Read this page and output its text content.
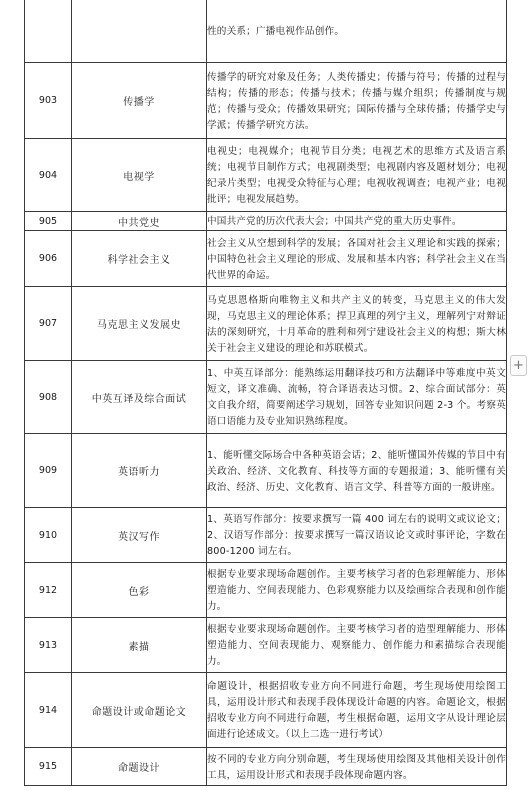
		性的关系；广播电视作品创作。

903	传播学	传播学的研究对象及任务；人类传播史；传播与符号；传播的过程与结构；传播的形态；传播与技术；传播与媒介组织；传播制度与规范；传播与受众；传播效果研究；国际传播与全球传播；传播学史与学派；传播学研究方法。

904	电视学	电视史；电视媒介；电视节目分类；电视艺术的思维方式及语言系统；电视节目制作方式；电视剧类型；电视剧内容及题材划分；电视纪录片类型；电视受众特征与心理；电视收视调查；电视产业；电视批评；电视发展趋势。

905	中共党史	中国共产党的历次代表大会；中国共产党的重大历史事件。

906	科学社会主义	社会主义从空想到科学的发展；各国对社会主义理论和实践的探索；中国特色社会主义理论的形成、发展和基本内容；科学社会主义在当代世界的命运。

907	马克思主义发展史	马克思恩格斯向唯物主义和共产主义的转变，马克思主义的伟大发现，马克思主义的理论体系；捍卫真理的列宁主义，理解列宁对辩证法的深刻研究，十月革命的胜利和列宁建设社会主义的构想；斯大林关于社会主义建设的理论和苏联模式。

908	中英互译及综合面试	1、中英互译部分：能熟练运用翻译技巧和方法翻译中等难度中英文短文，译文准确、流畅，符合译语表达习惯。2、综合面试部分：英文自我介绍，简要阐述学习规划，回答专业知识问题 2-3 个。考察英语口语能力及专业知识熟练程度。

909	英语听力	1、能听懂交际场合中各种英语会话；2、能听懂国外传媒的节目中有关政治、经济、文化教育、科技等方面的专题报道；3、能听懂有关政治、经济、历史、文化教育、语言文学、科普等方面的一般讲座。

910	英汉写作	1、英语写作部分：按要求撰写一篇 400 词左右的说明文或议论文；2、汉语写作部分：按要求撰写一篇汉语议论文或时事评论，字数在 800-1200 词左右。

912	色彩	根据专业要求现场命题创作。主要考核学习者的色彩理解能力、形体塑造能力、空间表现能力、色彩观察能力以及绘画综合表现和创作能力。

913	素描	根据专业要求现场命题创作。主要考核学习者的造型理解能力、形体塑造能力、空间表现能力、观察能力、创作能力和素描综合表现能力。

914	命题设计或命题论文	命题设计，根据招收专业方向不同进行命题，考生现场使用绘图工具，运用设计形式和表现手段体现设计命题的内容。命题论文，根据招收专业方向不同进行命题，考生根据命题，运用文字从设计理论层面进行论述成文。（以上二选一进行考试）

915	命题设计	按不同的专业方向分别命题，考生现场使用绘图及其他相关设计创作工具，运用设计形式和表现手段体现命题内容。
+
